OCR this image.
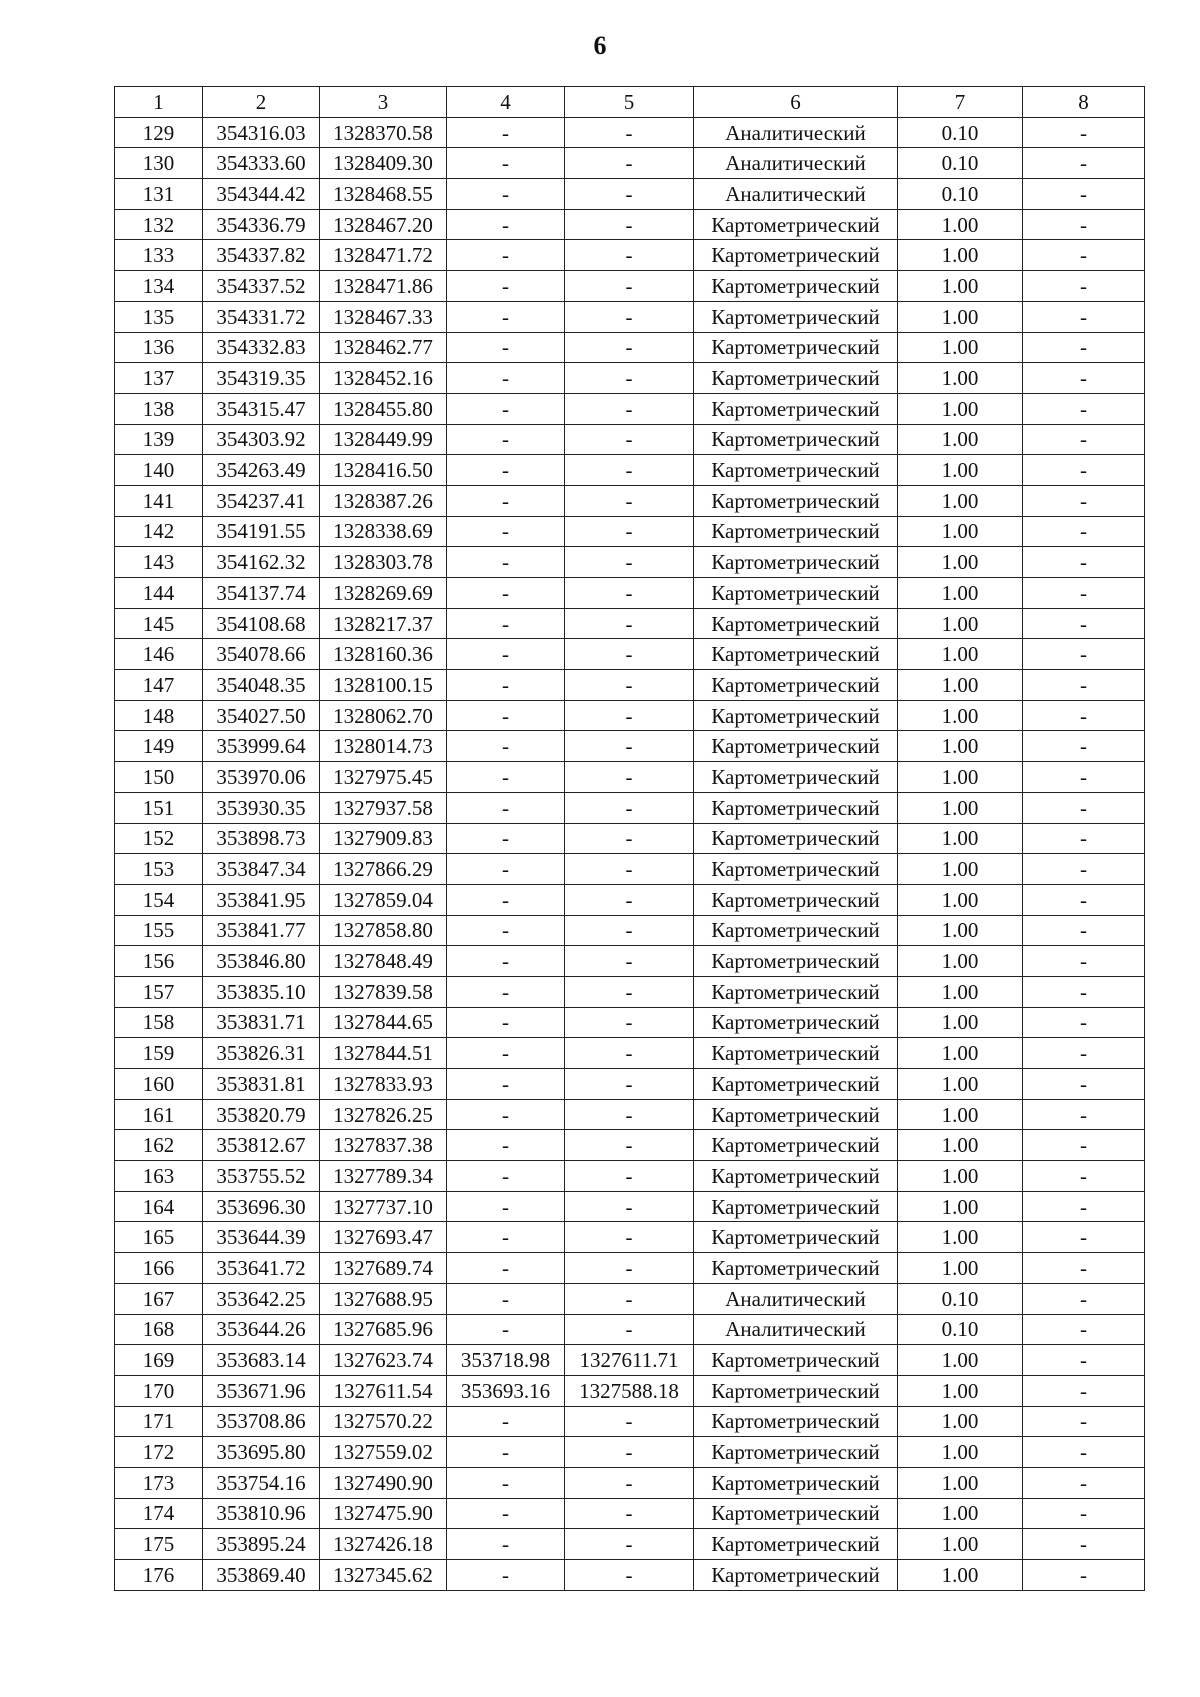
6
1	2	3	4	5	6	7	8
129	354316.03	1328370.58	-	-	Аналитический	0.10	-
130	354333.60	1328409.30	-	-	Аналитический	0.10	-
131	354344.42	1328468.55	-	-	Аналитический	0.10	-
132	354336.79	1328467.20	-	-	Картометрический	1.00	-
133	354337.82	1328471.72	-	-	Картометрический	1.00	-
134	354337.52	1328471.86	-	-	Картометрический	1.00	-
135	354331.72	1328467.33	-	-	Картометрический	1.00	-
136	354332.83	1328462.77	-	-	Картометрический	1.00	-
137	354319.35	1328452.16	-	-	Картометрический	1.00	-
138	354315.47	1328455.80	-	-	Картометрический	1.00	-
139	354303.92	1328449.99	-	-	Картометрический	1.00	-
140	354263.49	1328416.50	-	-	Картометрический	1.00	-
141	354237.41	1328387.26	-	-	Картометрический	1.00	-
142	354191.55	1328338.69	-	-	Картометрический	1.00	-
143	354162.32	1328303.78	-	-	Картометрический	1.00	-
144	354137.74	1328269.69	-	-	Картометрический	1.00	-
145	354108.68	1328217.37	-	-	Картометрический	1.00	-
146	354078.66	1328160.36	-	-	Картометрический	1.00	-
147	354048.35	1328100.15	-	-	Картометрический	1.00	-
148	354027.50	1328062.70	-	-	Картометрический	1.00	-
149	353999.64	1328014.73	-	-	Картометрический	1.00	-
150	353970.06	1327975.45	-	-	Картометрический	1.00	-
151	353930.35	1327937.58	-	-	Картометрический	1.00	-
152	353898.73	1327909.83	-	-	Картометрический	1.00	-
153	353847.34	1327866.29	-	-	Картометрический	1.00	-
154	353841.95	1327859.04	-	-	Картометрический	1.00	-
155	353841.77	1327858.80	-	-	Картометрический	1.00	-
156	353846.80	1327848.49	-	-	Картометрический	1.00	-
157	353835.10	1327839.58	-	-	Картометрический	1.00	-
158	353831.71	1327844.65	-	-	Картометрический	1.00	-
159	353826.31	1327844.51	-	-	Картометрический	1.00	-
160	353831.81	1327833.93	-	-	Картометрический	1.00	-
161	353820.79	1327826.25	-	-	Картометрический	1.00	-
162	353812.67	1327837.38	-	-	Картометрический	1.00	-
163	353755.52	1327789.34	-	-	Картометрический	1.00	-
164	353696.30	1327737.10	-	-	Картометрический	1.00	-
165	353644.39	1327693.47	-	-	Картометрический	1.00	-
166	353641.72	1327689.74	-	-	Картометрический	1.00	-
167	353642.25	1327688.95	-	-	Аналитический	0.10	-
168	353644.26	1327685.96	-	-	Аналитический	0.10	-
169	353683.14	1327623.74	353718.98	1327611.71	Картометрический	1.00	-
170	353671.96	1327611.54	353693.16	1327588.18	Картометрический	1.00	-
171	353708.86	1327570.22	-	-	Картометрический	1.00	-
172	353695.80	1327559.02	-	-	Картометрический	1.00	-
173	353754.16	1327490.90	-	-	Картометрический	1.00	-
174	353810.96	1327475.90	-	-	Картометрический	1.00	-
175	353895.24	1327426.18	-	-	Картометрический	1.00	-
176	353869.40	1327345.62	-	-	Картометрический	1.00	-
